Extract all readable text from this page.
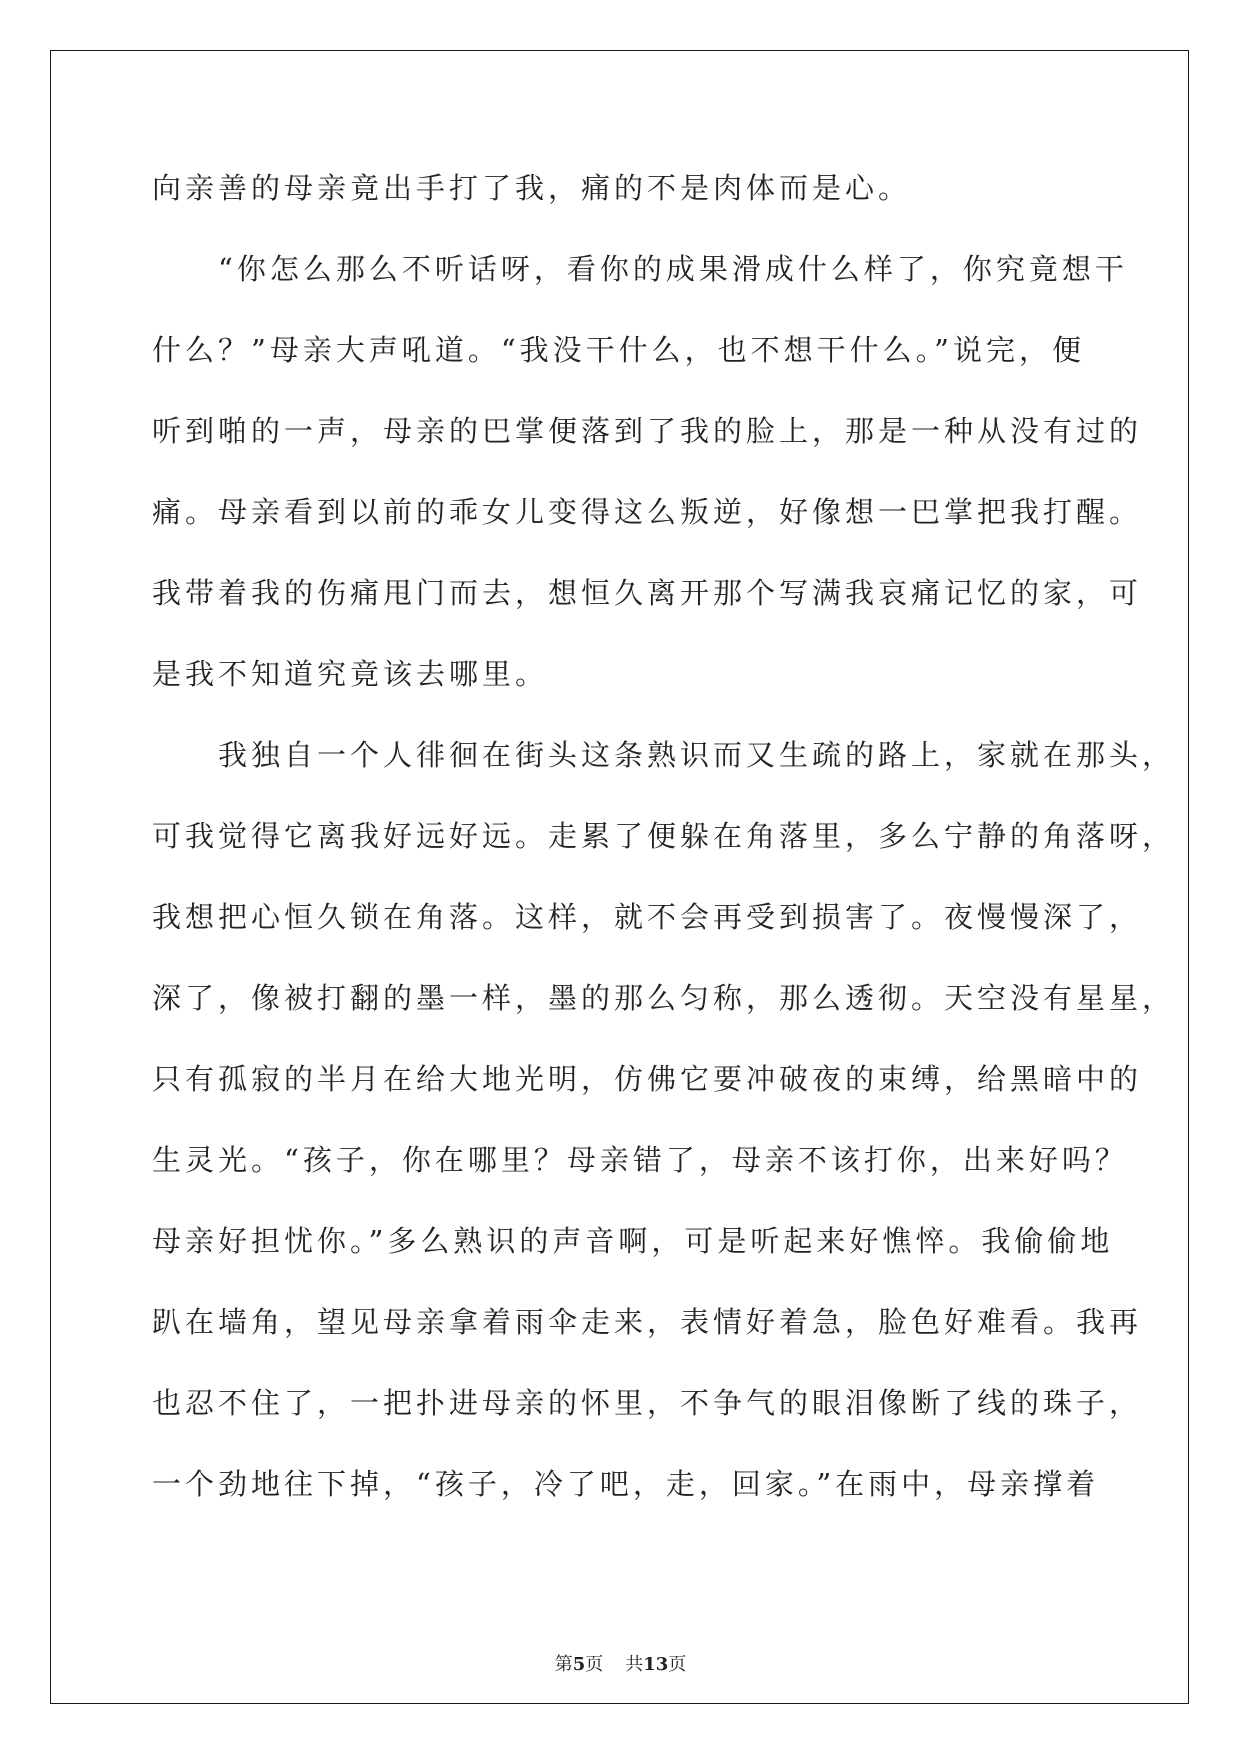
向亲善的母亲竟出手打了我，痛的不是肉体而是心。

“你怎么那么不听话呀，看你的成果滑成什么样了，你究竟想干

什么？”母亲大声吼道。“我没干什么，也不想干什么。”说完，便

听到啪的一声，母亲的巴掌便落到了我的脸上，那是一种从没有过的

痛。母亲看到以前的乖女儿变得这么叛逆，好像想一巴掌把我打醒。

我带着我的伤痛甩门而去，想恒久离开那个写满我哀痛记忆的家，可

是我不知道究竟该去哪里。

我独自一个人徘徊在街头这条熟识而又生疏的路上，家就在那头，

可我觉得它离我好远好远。走累了便躲在角落里，多么宁静的角落呀，

我想把心恒久锁在角落。这样，就不会再受到损害了。夜慢慢深了，

深了，像被打翻的墨一样，墨的那么匀称，那么透彻。天空没有星星，

只有孤寂的半月在给大地光明，仿佛它要冲破夜的束缚，给黑暗中的

生灵光。“孩子，你在哪里？母亲错了，母亲不该打你，出来好吗？

母亲好担忧你。”多么熟识的声音啊，可是听起来好憔悴。我偷偷地

趴在墙角，望见母亲拿着雨伞走来，表情好着急，脸色好难看。我再

也忍不住了，一把扑进母亲的怀里，不争气的眼泪像断了线的珠子，

一个劲地往下掉，“孩子，冷了吧，走，回家。”在雨中，母亲撑着

第5页 共13页
